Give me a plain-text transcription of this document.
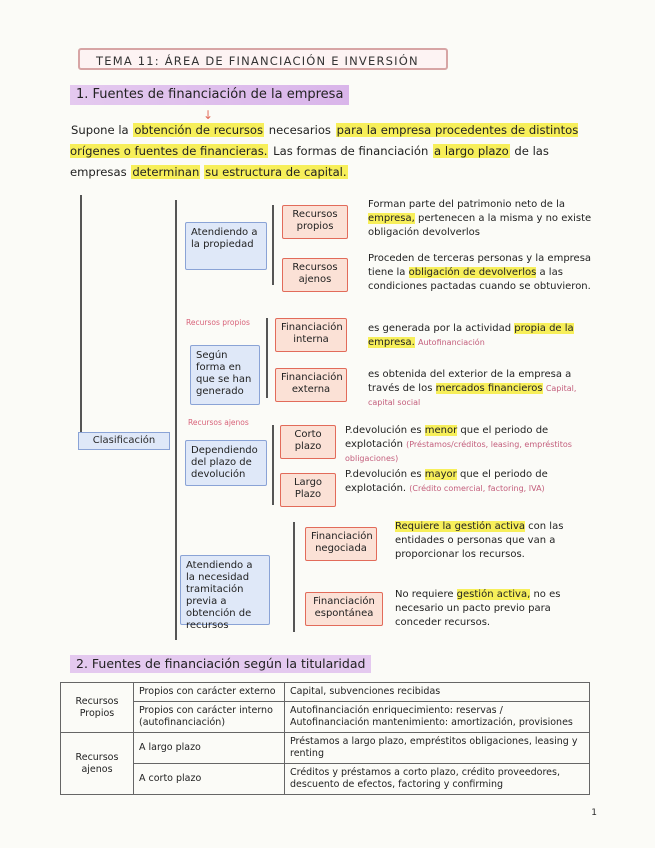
TEMA 11: ÁREA DE FINANCIACIÓN E INVERSIÓN
1. Fuentes de financiación de la empresa
↓
Supone la obtención de recursos necesarios para la empresa procedentes de distintos orígenes o fuentes de financieras. Las formas de financiación a largo plazo de las empresas determinan su estructura de capital.
Clasificación
Atendiendo a la propiedad
Recursos propios
Forman parte del patrimonio neto de la empresa, pertenecen a la misma y no existe obligación devolverlos
Recursos ajenos
Proceden de terceras personas y la empresa tiene la obligación de devolverlos a las condiciones pactadas cuando se obtuvieron.
Recursos propios
Según forma en que se han generado
Recursos ajenos
Financiación interna
es generada por la actividad propia de la empresa. Autofinanciación
Financiación externa
es obtenida del exterior de la empresa a través de los mercados financieros Capital, capital social
Dependiendo del plazo de devolución
Corto plazo
P.devolución es menor que el periodo de explotación (Préstamos/créditos, leasing, empréstitos obligaciones)
Largo Plazo
P.devolución es mayor que el periodo de explotación. (Crédito comercial, factoring, IVA)
Atendiendo a la necesidad tramitación previa a obtención de recursos
Financiación negociada
Requiere la gestión activa con las entidades o personas que van a proporcionar los recursos.
Financiación espontánea
No requiere gestión activa, no es necesario un pacto previo para conceder recursos.
2. Fuentes de financiación según la titularidad
Recursos Propios	Propios con carácter externo	Capital, subvenciones recibidas
	Propios con carácter interno (autofinanciación)	Autofinanciación enriquecimiento: reservas / Autofinanciación mantenimiento: amortización, provisiones
Recursos ajenos	A largo plazo	Préstamos a largo plazo, empréstitos obligaciones, leasing y renting
	A corto plazo	Créditos y préstamos a corto plazo, crédito proveedores, descuento de efectos, factoring y confirming
1
